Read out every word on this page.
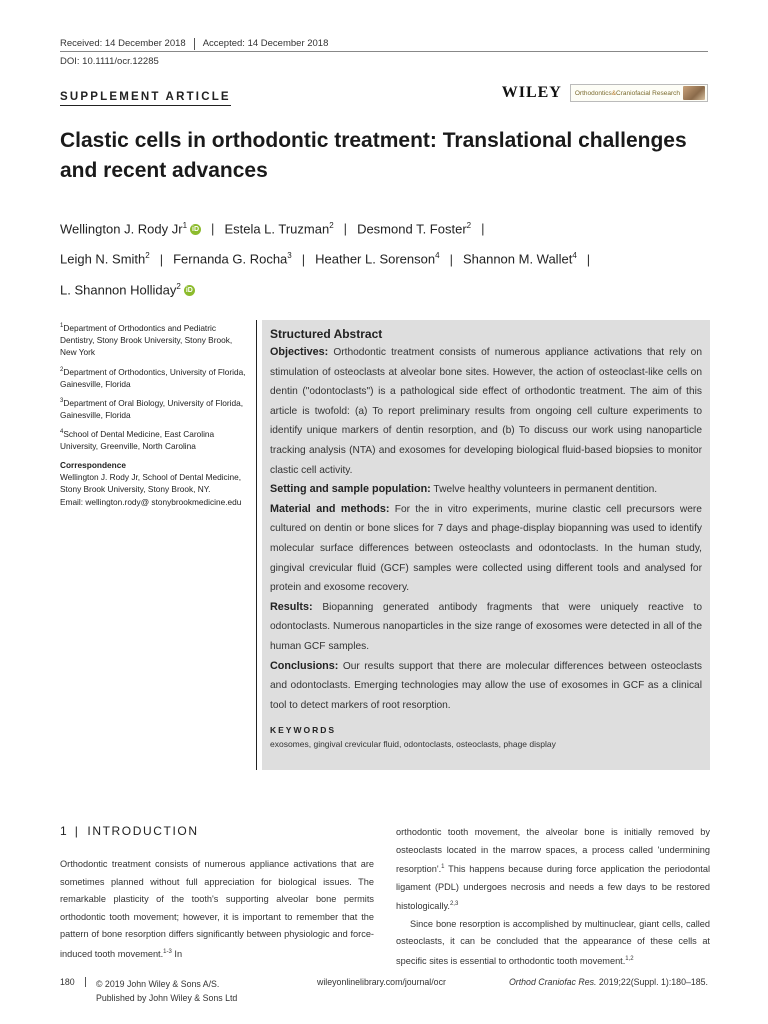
Received: 14 December 2018 Accepted: 14 December 2018
DOI: 10.1111/ocr.12285
SUPPLEMENT ARTICLE	WILEY Orthodontics & Craniofacial Research
Clastic cells in orthodontic treatment: Translational challenges and recent advances
Wellington J. Rody Jr$^1$ iD | Estela L. Truzman$^2$ | Desmond T. Foster$^2$ |
Leigh N. Smith$^2$ | Fernanda G. Rocha$^3$ | Heather L. Sorenson$^4$ | Shannon M. Wallet$^4$ |
L. Shannon Holliday$^2$ iD

$^1$Department of Orthodontics and Pediatric Dentistry, Stony Brook University, Stony Brook, New York

$^2$Department of Orthodontics, University of Florida, Gainesville, Florida

$^3$Department of Oral Biology, University of Florida, Gainesville, Florida

$^4$School of Dental Medicine, East Carolina University, Greenville, North Carolina

Correspondence
Wellington J. Rody Jr, School of Dental Medicine, Stony Brook University, Stony Brook, NY.
Email: wellington.rody@ stonybrookmedicine.edu
Structured Abstract
Objectives: Orthodontic treatment consists of numerous appliance activations that rely on stimulation of osteoclasts at alveolar bone sites. However, the action of osteoclast-like cells on dentin ("odontoclasts") is a pathological side effect of orthodontic treatment. The aim of this article is twofold: (a) To report preliminary results from ongoing cell culture experiments to identify unique markers of dentin resorption, and (b) To discuss our work using nanoparticle tracking analysis (NTA) and exosomes for developing biological fluid-based biopsies to monitor clastic cell activity.
Setting and sample population: Twelve healthy volunteers in permanent dentition.
Material and methods: For the in vitro experiments, murine clastic cell precursors were cultured on dentin or bone slices for 7 days and phage-display biopanning was used to identify molecular surface differences between osteoclasts and odontoclasts. In the human study, gingival crevicular fluid (GCF) samples were collected using different tools and analysed for protein and exosome recovery.
Results: Biopanning generated antibody fragments that were uniquely reactive to odontoclasts. Numerous nanoparticles in the size range of exosomes were detected in all of the human GCF samples.
Conclusions: Our results support that there are molecular differences between osteoclasts and odontoclasts. Emerging technologies may allow the use of exosomes in GCF as a clinical tool to detect markers of root resorption.
KEYWORDS
exosomes, gingival crevicular fluid, odontoclasts, osteoclasts, phage display
1 | INTRODUCTION

Orthodontic treatment consists of numerous appliance activations that are sometimes planned without full appreciation for biological issues. The remarkable plasticity of the tooth's supporting alveolar bone permits orthodontic tooth movement; however, it is important to remember that the pattern of bone resorption differs significantly between physiologic and force-induced tooth movement.$^{1-3}$ In

orthodontic tooth movement, the alveolar bone is initially removed by osteoclasts located in the marrow spaces, a process called 'undermining resorption'.$^1$ This happens because during force application the periodontal ligament (PDL) undergoes necrosis and needs a few days to be restored histologically.$^{2,3}$

Since bone resorption is accomplished by multinuclear, giant cells, called osteoclasts, it can be concluded that the appearance of these cells at specific sites is essential to orthodontic tooth movement.$^{1,2}$

180 © 2019 John Wiley & Sons A/S.
Published by John Wiley & Sons Ltd
wileyonlinelibrary.com/journal/ocr	Orthod Craniofac Res. 2019;22(Suppl. 1):180–185.
